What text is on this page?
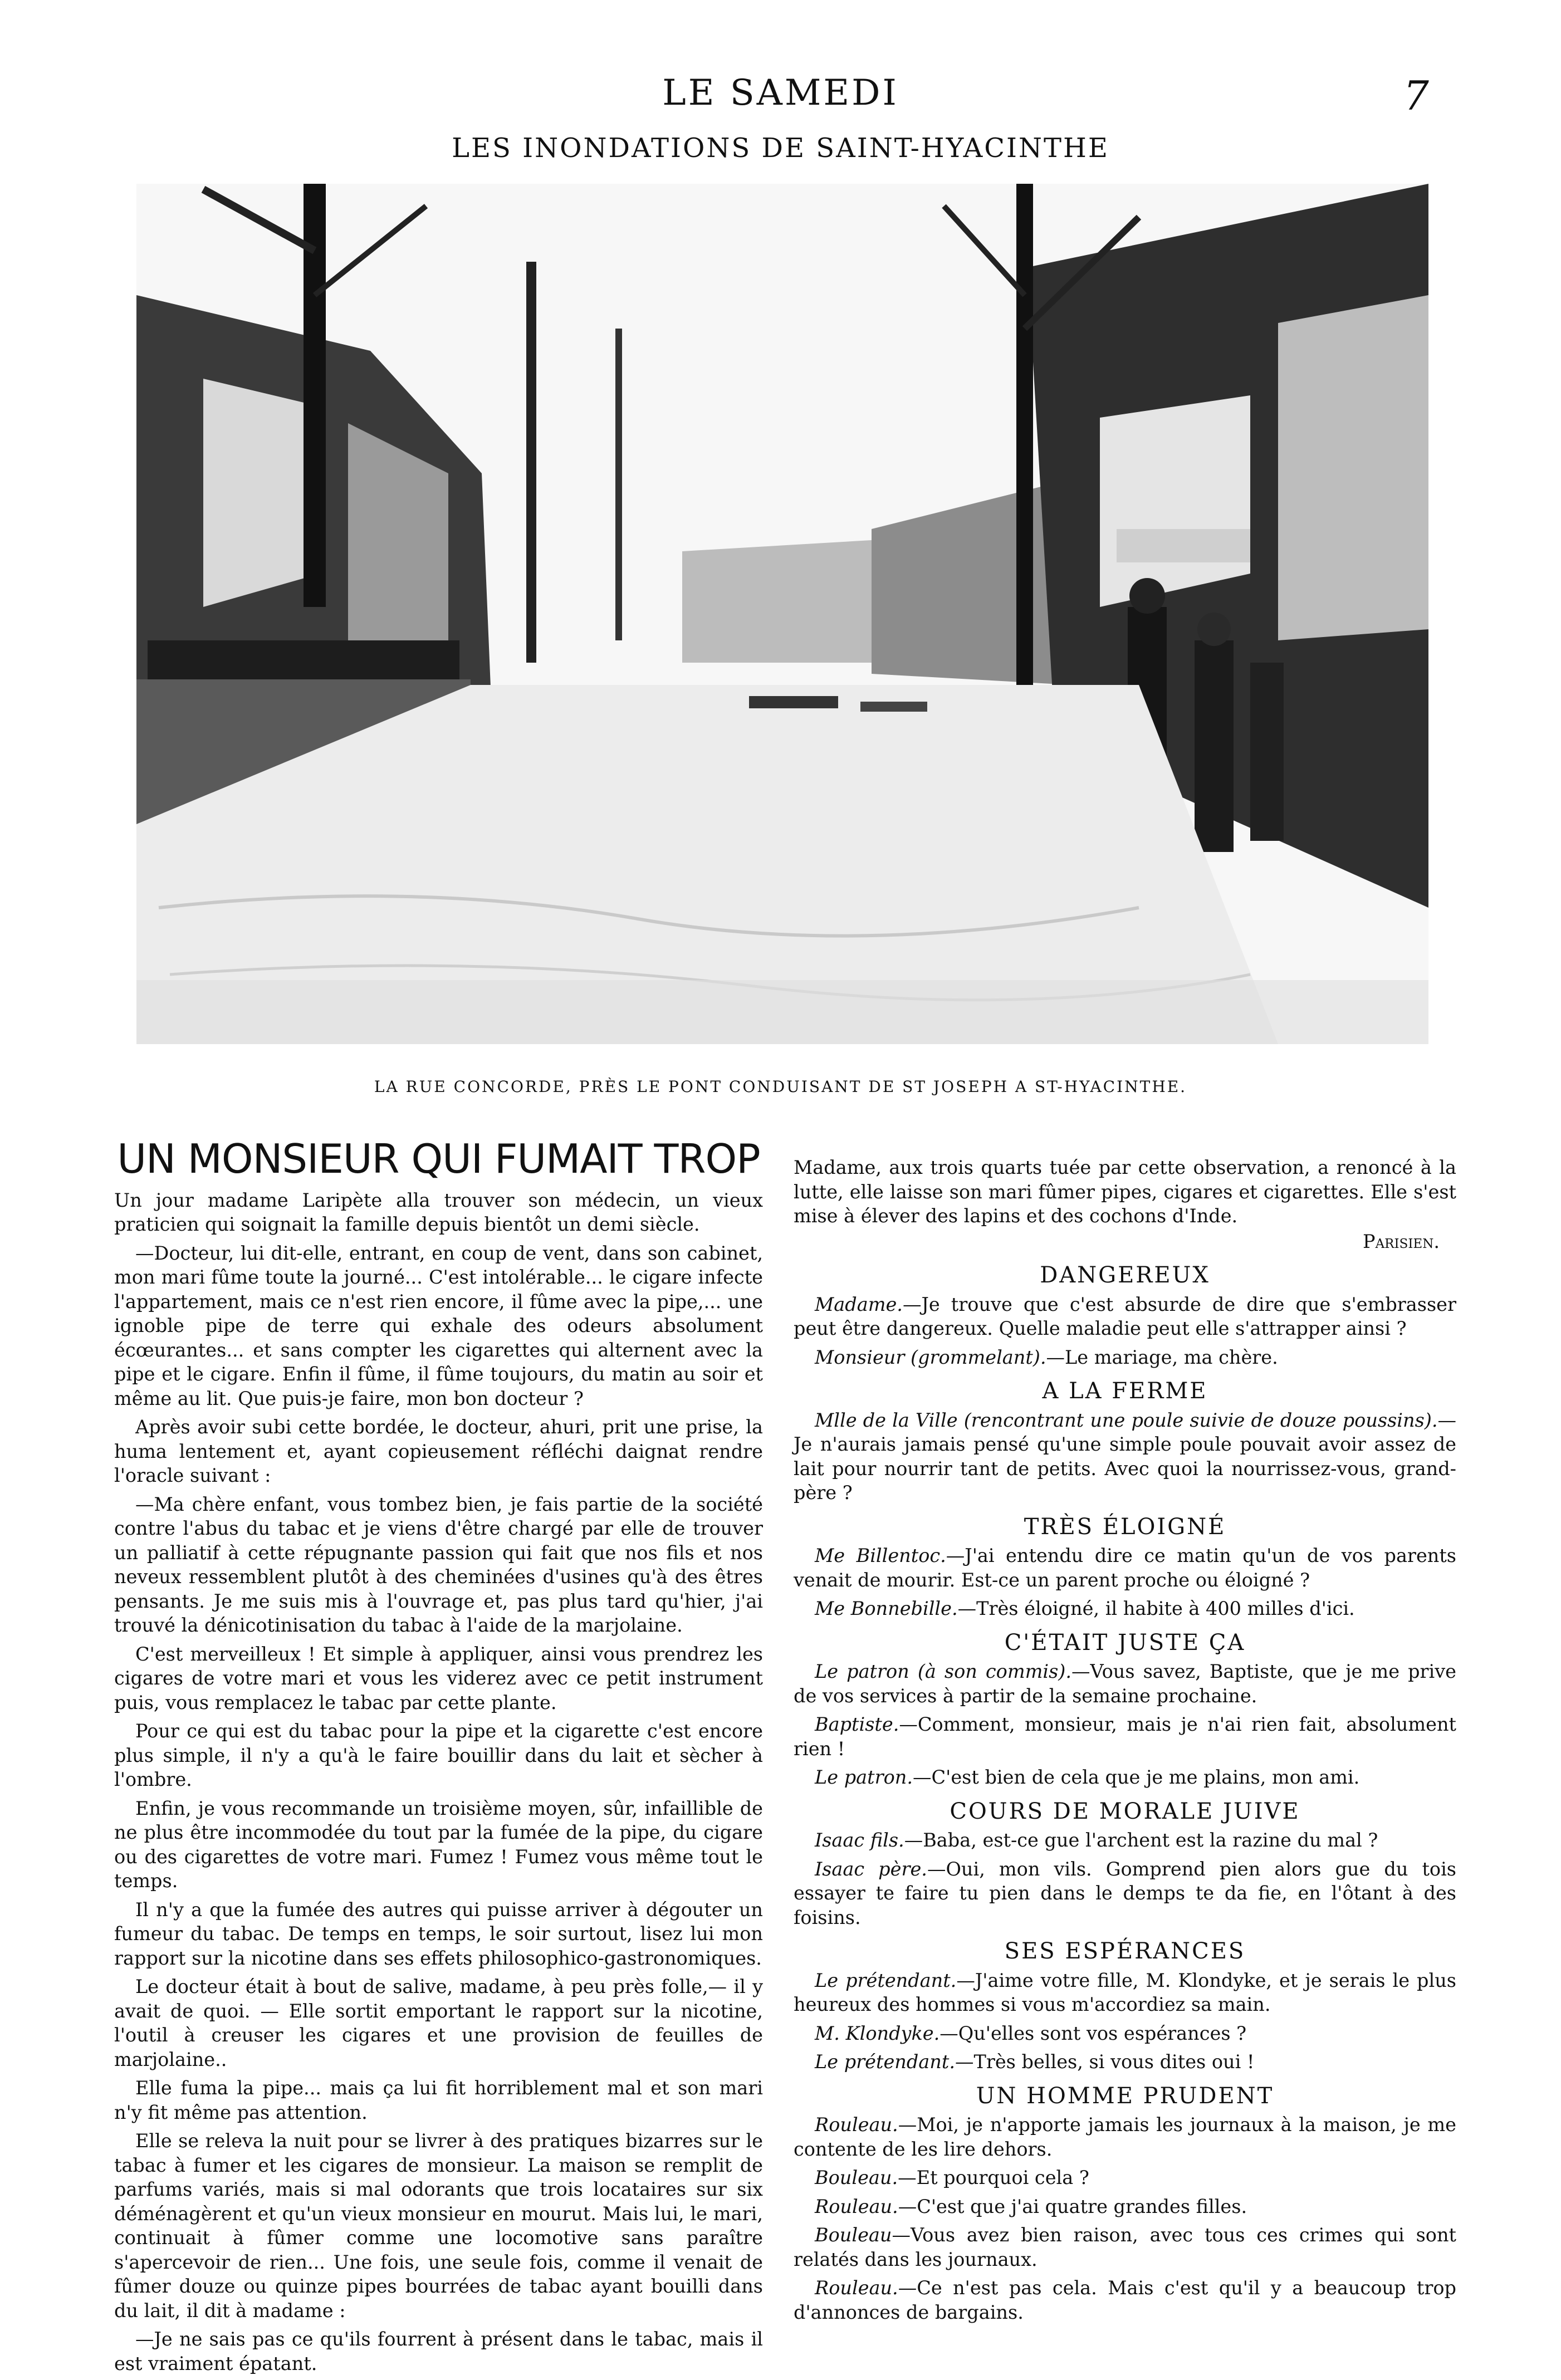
LE SAMEDI	7
LES INONDATIONS DE SAINT-HYACINTHE
LA RUE CONCORDE, PRÈS LE PONT CONDUISANT DE ST JOSEPH A ST-HYACINTHE.
UN MONSIEUR QUI FUMAIT TROP

Un jour madame Laripète alla trouver son médecin, un vieux praticien qui soignait la famille depuis bientôt un demi siècle.

—Docteur, lui dit-elle, entrant, en coup de vent, dans son cabinet, mon mari fûme toute la journé... C'est intolérable... le cigare infecte l'appartement, mais ce n'est rien encore, il fûme avec la pipe,... une ignoble pipe de terre qui exhale des odeurs absolument écœurantes... et sans compter les cigarettes qui alternent avec la pipe et le cigare. Enfin il fûme, il fûme toujours, du matin au soir et même au lit. Que puis-je faire, mon bon docteur ?

Après avoir subi cette bordée, le docteur, ahuri, prit une prise, la huma lentement et, ayant copieusement réfléchi daignat rendre l'oracle suivant :

—Ma chère enfant, vous tombez bien, je fais partie de la société contre l'abus du tabac et je viens d'être chargé par elle de trouver un palliatif à cette répugnante passion qui fait que nos fils et nos neveux ressemblent plutôt à des cheminées d'usines qu'à des êtres pensants. Je me suis mis à l'ouvrage et, pas plus tard qu'hier, j'ai trouvé la dénicotinisation du tabac à l'aide de la marjolaine.

C'est merveilleux ! Et simple à appliquer, ainsi vous prendrez les cigares de votre mari et vous les viderez avec ce petit instrument puis, vous remplacez le tabac par cette plante.

Pour ce qui est du tabac pour la pipe et la cigarette c'est encore plus simple, il n'y a qu'à le faire bouillir dans du lait et sècher à l'ombre.

Enfin, je vous recommande un troisième moyen, sûr, infaillible de ne plus être incommodée du tout par la fumée de la pipe, du cigare ou des cigarettes de votre mari. Fumez ! Fumez vous même tout le temps.

Il n'y a que la fumée des autres qui puisse arriver à dégouter un fumeur du tabac. De temps en temps, le soir surtout, lisez lui mon rapport sur la nicotine dans ses effets philosophico-gastronomiques.

Le docteur était à bout de salive, madame, à peu près folle,— il y avait de quoi. — Elle sortit emportant le rapport sur la nicotine, l'outil à creuser les cigares et une provision de feuilles de marjolaine..

Elle fuma la pipe... mais ça lui fit horriblement mal et son mari n'y fit même pas attention.

Elle se releva la nuit pour se livrer à des pratiques bizarres sur le tabac à fumer et les cigares de monsieur. La maison se remplit de parfums variés, mais si mal odorants que trois locataires sur six déménagèrent et qu'un vieux monsieur en mourut. Mais lui, le mari, continuait à fûmer comme une locomotive sans paraître s'apercevoir de rien... Une fois, une seule fois, comme il venait de fûmer douze ou quinze pipes bourrées de tabac ayant bouilli dans du lait, il dit à madame :

—Je ne sais pas ce qu'ils fourrent à présent dans le tabac, mais il est vraiment épatant.

Madame, aux trois quarts tuée par cette observation, a renoncé à la lutte, elle laisse son mari fûmer pipes, cigares et cigarettes. Elle s'est mise à élever des lapins et des cochons d'Inde.

Parisien.
DANGEREUX

Madame.—Je trouve que c'est absurde de dire que s'embrasser peut être dangereux. Quelle maladie peut elle s'attrapper ainsi ?

Monsieur (grommelant).—Le mariage, ma chère.

A LA FERME

Mlle de la Ville (rencontrant une poule suivie de douze poussins).—Je n'aurais jamais pensé qu'une simple poule pouvait avoir assez de lait pour nourrir tant de petits. Avec quoi la nourrissez-vous, grand-père ?

TRÈS ÉLOIGNÉ

Me Billentoc.—J'ai entendu dire ce matin qu'un de vos parents venait de mourir. Est-ce un parent proche ou éloigné ?

Me Bonnebille.—Très éloigné, il habite à 400 milles d'ici.

C'ÉTAIT JUSTE ÇA

Le patron (à son commis).—Vous savez, Baptiste, que je me prive de vos services à partir de la semaine prochaine.

Baptiste.—Comment, monsieur, mais je n'ai rien fait, absolument rien !

Le patron.—C'est bien de cela que je me plains, mon ami.

COURS DE MORALE JUIVE

Isaac fils.—Baba, est-ce gue l'archent est la razine du mal ?

Isaac père.—Oui, mon vils. Gomprend pien alors gue du tois essayer te faire tu pien dans le demps te da fie, en l'ôtant à des foisins.

SES ESPÉRANCES

Le prétendant.—J'aime votre fille, M. Klondyke, et je serais le plus heureux des hommes si vous m'accordiez sa main.

M. Klondyke.—Qu'elles sont vos espérances ?

Le prétendant.—Très belles, si vous dites oui !

UN HOMME PRUDENT

Rouleau.—Moi, je n'apporte jamais les journaux à la maison, je me contente de les lire dehors.

Bouleau.—Et pourquoi cela ?

Rouleau.—C'est que j'ai quatre grandes filles.

Bouleau—Vous avez bien raison, avec tous ces crimes qui sont relatés dans les journaux.

Rouleau.—Ce n'est pas cela. Mais c'est qu'il y a beaucoup trop d'annonces de bargains.
